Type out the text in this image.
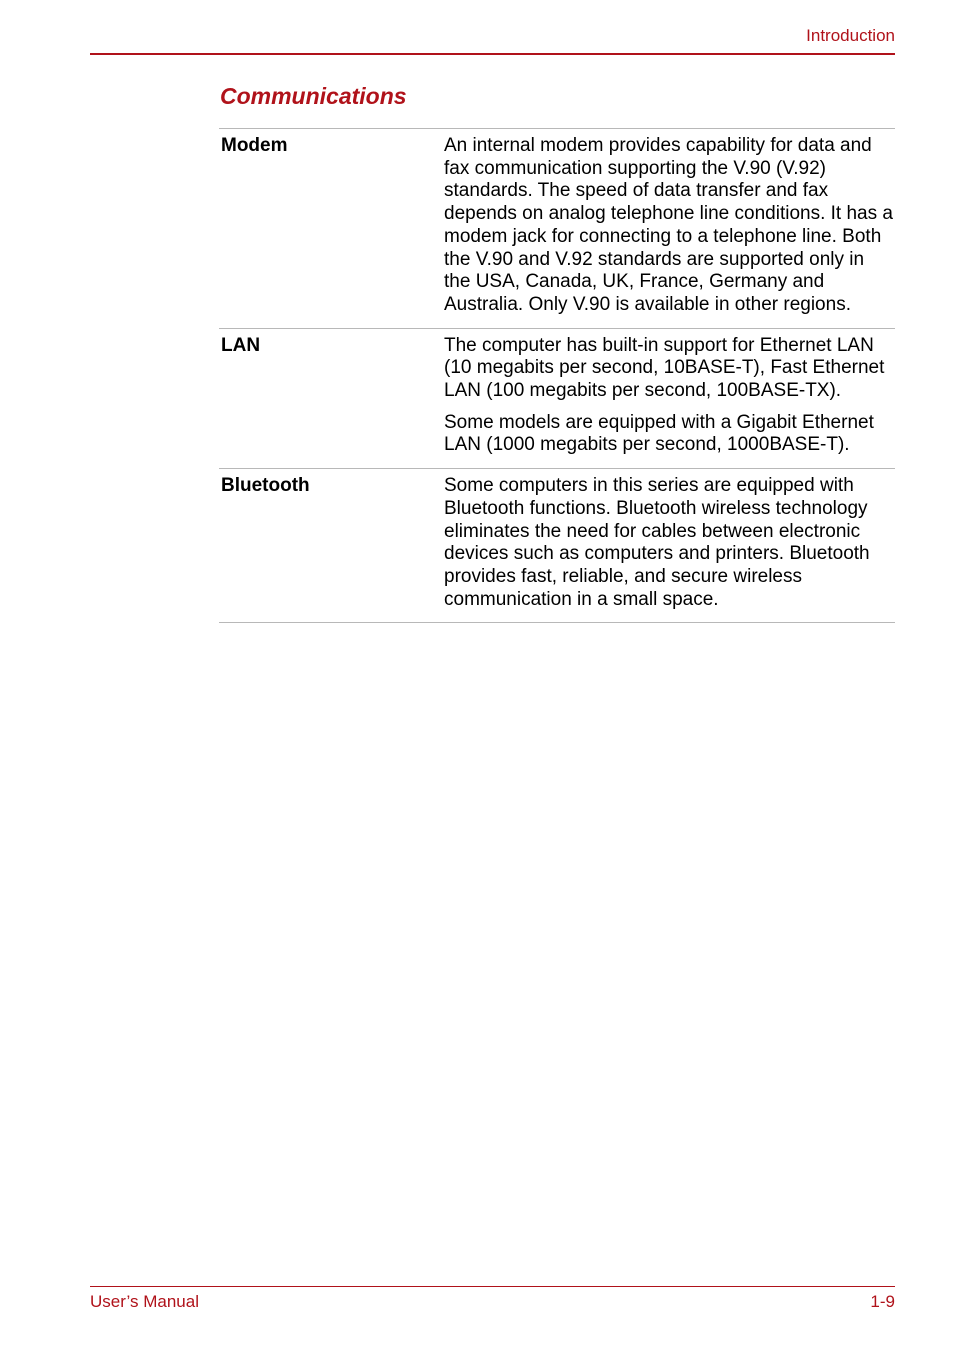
Introduction
Communications
Modem	An internal modem provides capability for data and fax communication supporting the V.90 (V.92) standards. The speed of data transfer and fax depends on analog telephone line conditions. It has a modem jack for connecting to a telephone line. Both the V.90 and V.92 standards are supported only in the USA, Canada, UK, France, Germany and Australia. Only V.90 is available in other regions.

LAN	The computer has built-in support for Ethernet LAN (10 megabits per second, 10BASE-T), Fast Ethernet LAN (100 megabits per second, 100BASE-TX).

Some models are equipped with a Gigabit Ethernet LAN (1000 megabits per second, 1000BASE-T).

Bluetooth	Some computers in this series are equipped with Bluetooth functions. Bluetooth wireless technology eliminates the need for cables between electronic devices such as computers and printers. Bluetooth provides fast, reliable, and secure wireless communication in a small space.

User’s Manual	1-9
